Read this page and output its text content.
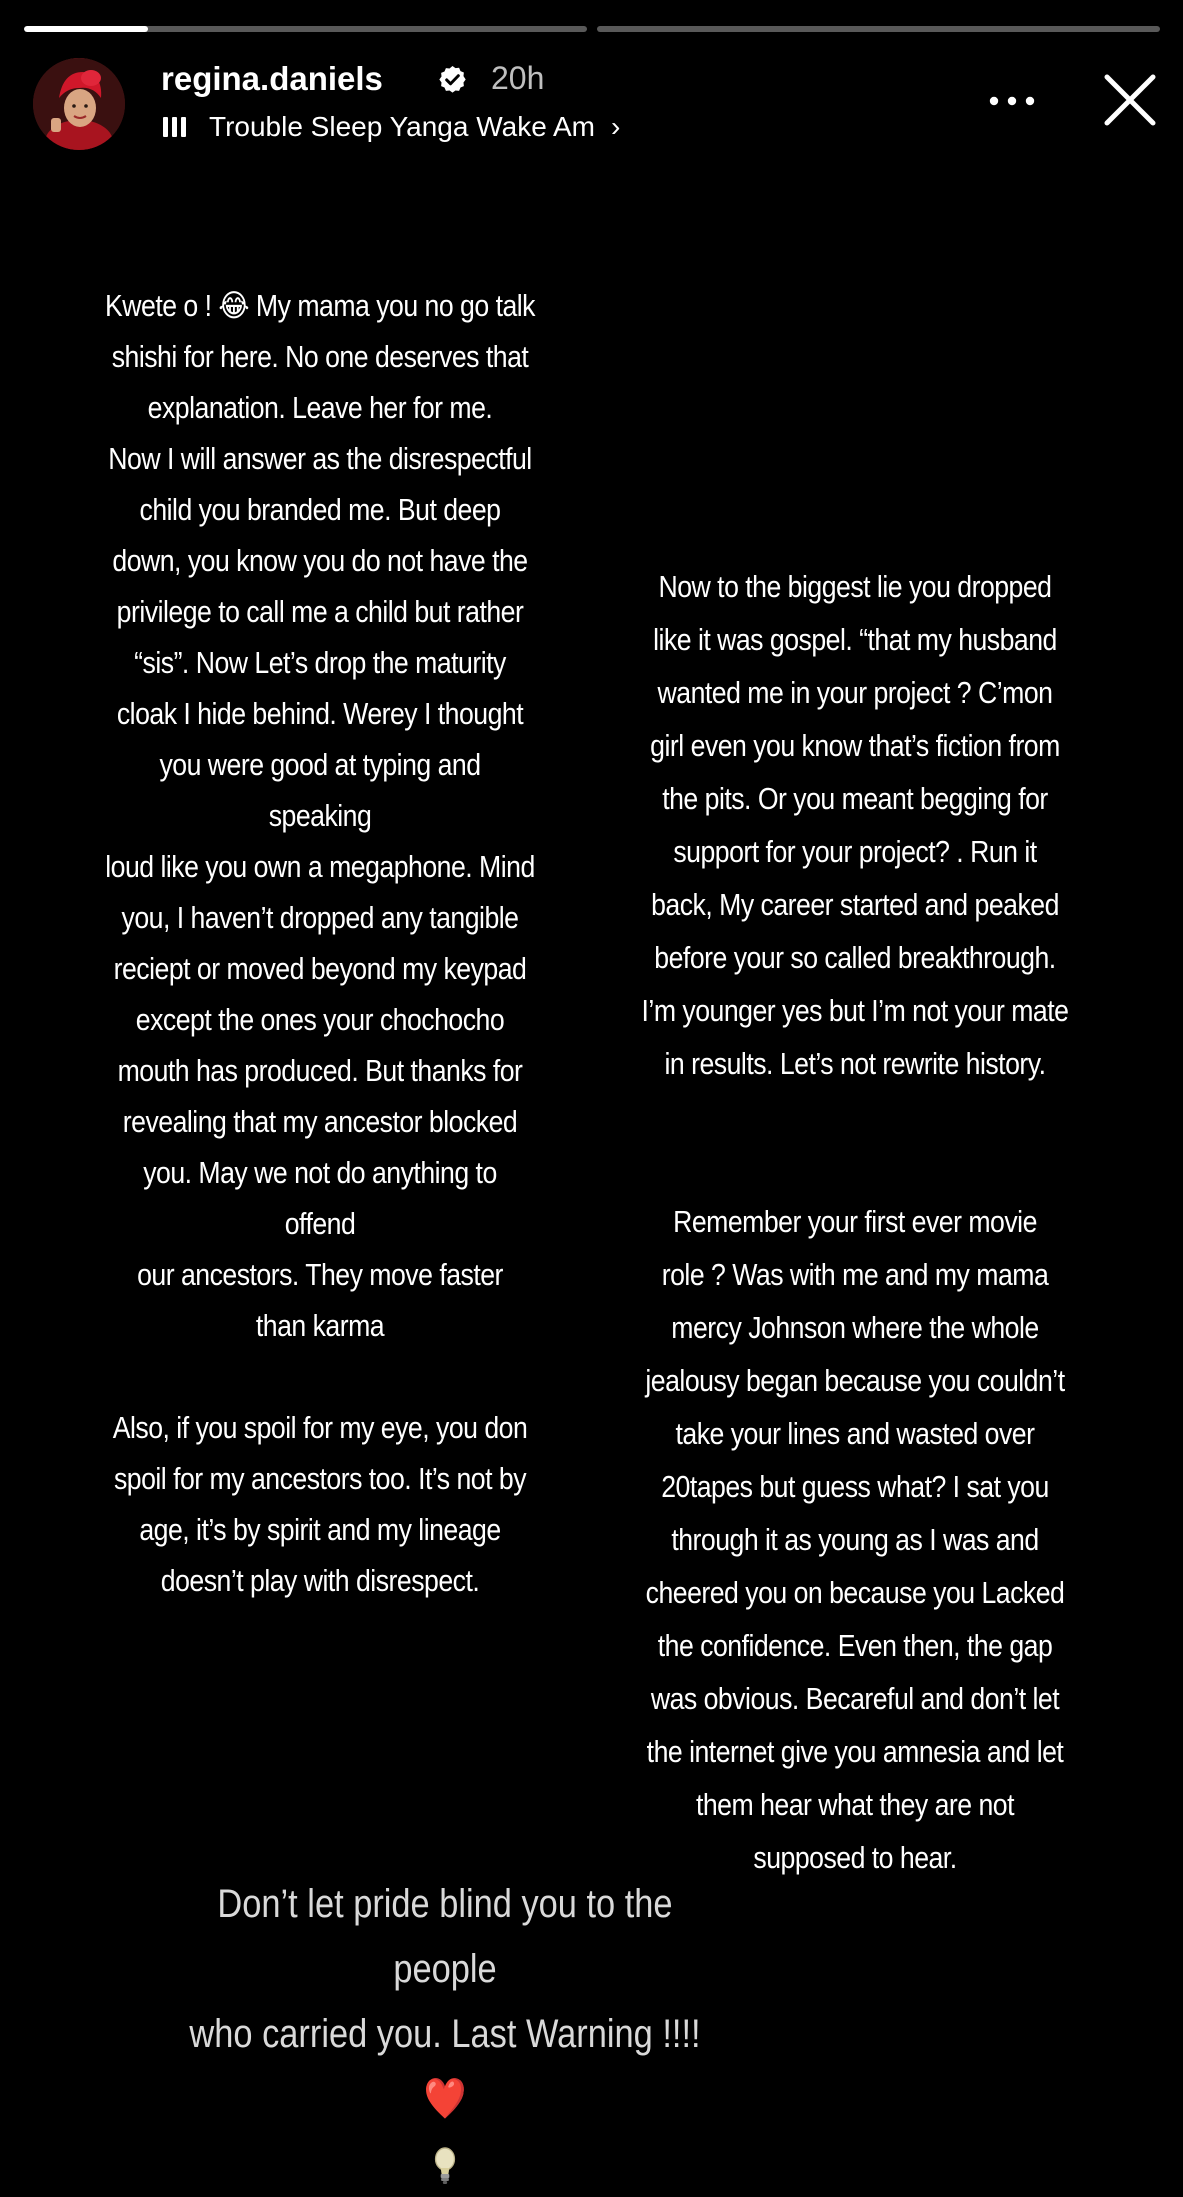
regina.daniels	20h
Trouble Sleep Yanga Wake Am ›

Kwete o ! 😂 My mama you no go talk

shishi for here. No one deserves that

explanation. Leave her for me.

Now I will answer as the disrespectful

child you branded me. But deep

down, you know you do not have the

privilege to call me a child but rather

“sis”. Now Let’s drop the maturity

cloak I hide behind. Werey I thought

you were good at typing and speaking

loud like you own a megaphone. Mind

you, I haven’t dropped any tangible

reciept or moved beyond my keypad

except the ones your chochocho

mouth has produced. But thanks for

revealing that my ancestor blocked

you. May we not do anything to offend

our ancestors. They move faster

than karma

Also, if you spoil for my eye, you don

spoil for my ancestors too. It’s not by

age, it’s by spirit and my lineage

doesn’t play with disrespect.

Now to the biggest lie you dropped

like it was gospel. “that my husband

wanted me in your project ? C’mon

girl even you know that’s fiction from

the pits. Or you meant begging for

support for your project? . Run it

back, My career started and peaked

before your so called breakthrough.

I’m younger yes but I’m not your mate

in results. Let’s not rewrite history.

Remember your first ever movie

role ? Was with me and my mama

mercy Johnson where the whole

jealousy began because you couldn’t

take your lines and wasted over

20tapes but guess what? I sat you

through it as young as I was and

cheered you on because you Lacked

the confidence. Even then, the gap

was obvious. Becareful and don’t let

the internet give you amnesia and let

them hear what they are not

supposed to hear.

Don’t let pride blind you to the people
who carried you. Last Warning !!!! ❤️
